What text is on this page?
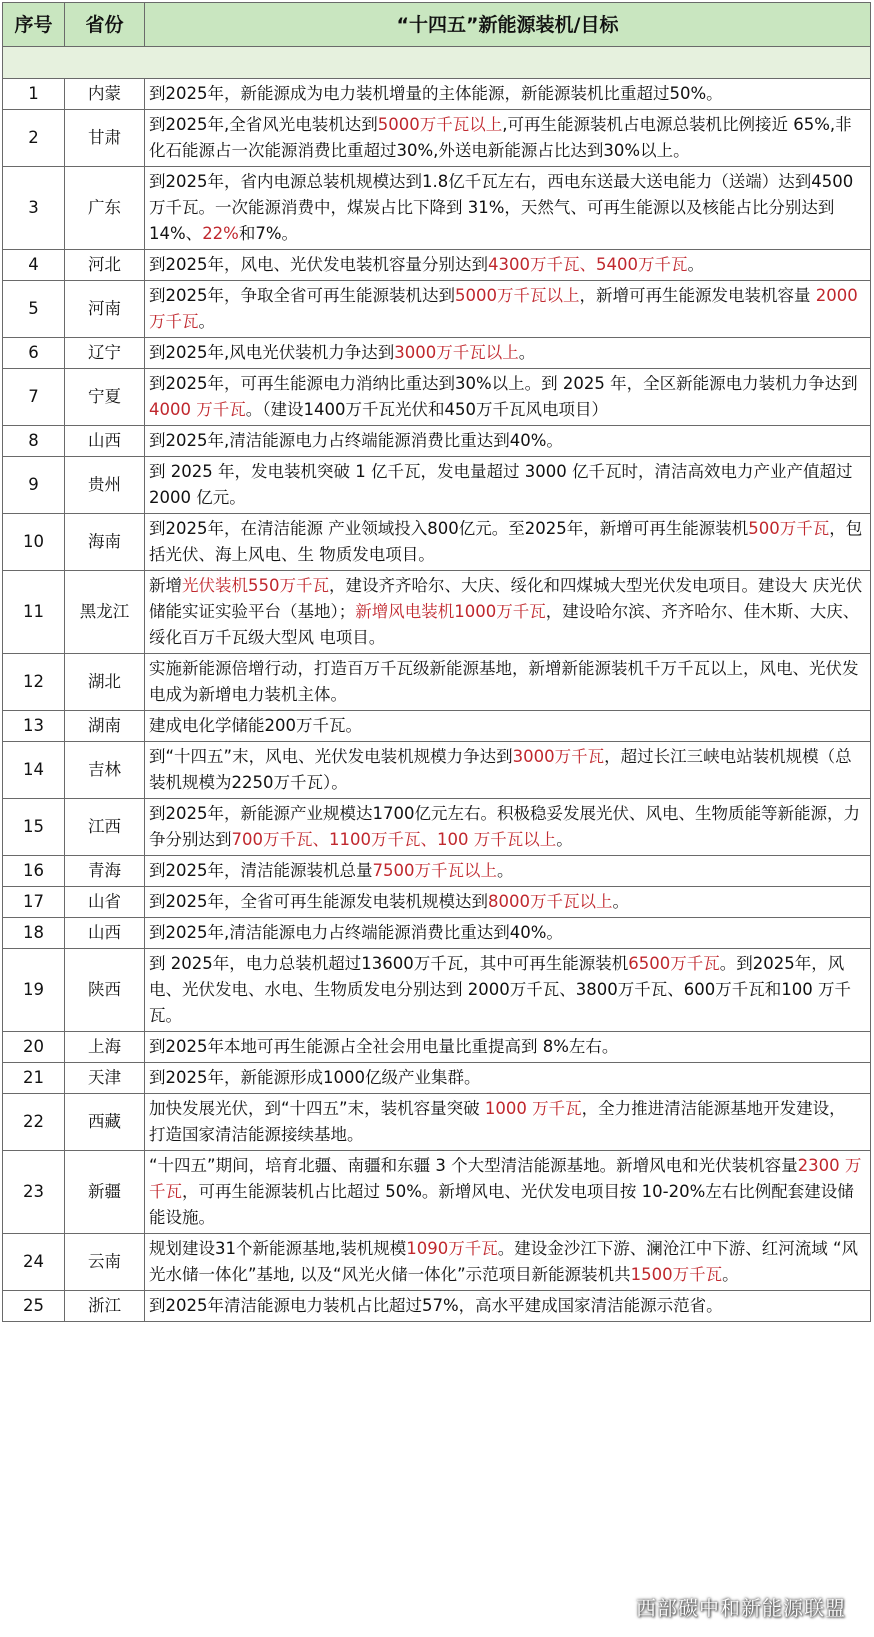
序号	省份	“十四五”新能源装机/目标

1	内蒙	到2025年，新能源成为电力装机增量的主体能源，新能源装机比重超过50%。
2	甘肃	到2025年,全省风光电装机达到5000万千瓦以上,可再生能源装机占电源总装机比例接近 65%,非化石能源占一次能源消费比重超过30%,外送电新能源占比达到30%以上。
3	广东	到2025年，省内电源总装机规模达到1.8亿千瓦左右，西电东送最大送电能力（送端）达到4500万千瓦。一次能源消费中，煤炭占比下降到 31%，天然气、可再生能源以及核能占比分别达到14%、22%和7%。
4	河北	到2025年，风电、光伏发电装机容量分别达到4300万千瓦、5400万千瓦。
5	河南	到2025年，争取全省可再生能源装机达到5000万千瓦以上，新增可再生能源发电装机容量 2000 万千瓦。
6	辽宁	到2025年,风电光伏装机力争达到3000万千瓦以上。
7	宁夏	到2025年，可再生能源电力消纳比重达到30%以上。到 2025 年，全区新能源电力装机力争达到 4000 万千瓦。（建设1400万千瓦光伏和450万千瓦风电项目）
8	山西	到2025年,清洁能源电力占终端能源消费比重达到40%。
9	贵州	到 2025 年，发电装机突破 1 亿千瓦，发电量超过 3000 亿千瓦时，清洁高效电力产业产值超过 2000 亿元。
10	海南	到2025年，在清洁能源 产业领域投入800亿元。至2025年，新增可再生能源装机500万千瓦，包括光伏、海上风电、生 物质发电项目。
11	黑龙江	新增光伏装机550万千瓦，建设齐齐哈尔、大庆、绥化和四煤城大型光伏发电项目。建设大 庆光伏储能实证实验平台（基地）；新增风电装机1000万千瓦，建设哈尔滨、齐齐哈尔、佳木斯、大庆、绥化百万千瓦级大型风 电项目。
12	湖北	实施新能源倍增行动，打造百万千瓦级新能源基地，新增新能源装机千万千瓦以上，风电、光伏发电成为新增电力装机主体。
13	湖南	建成电化学储能200万千瓦。
14	吉林	到“十四五”末，风电、光伏发电装机规模力争达到3000万千瓦，超过长江三峡电站装机规模（总装机规模为2250万千瓦）。
15	江西	到2025年，新能源产业规模达1700亿元左右。积极稳妥发展光伏、风电、生物质能等新能源，力争分别达到700万千瓦、1100万千瓦、100 万千瓦以上。
16	青海	到2025年，清洁能源装机总量7500万千瓦以上。
17	山省	到2025年，全省可再生能源发电装机规模达到8000万千瓦以上。
18	山西	到2025年,清洁能源电力占终端能源消费比重达到40%。
19	陕西	到 2025年，电力总装机超过13600万千瓦，其中可再生能源装机6500万千瓦。到2025年，风电、光伏发电、水电、生物质发电分别达到 2000万千瓦、3800万千瓦、600万千瓦和100 万千瓦。
20	上海	到2025年本地可再生能源占全社会用电量比重提高到 8%左右。
21	天津	到2025年，新能源形成1000亿级产业集群。
22	西藏	加快发展光伏，到“十四五”末，装机容量突破 1000 万千瓦，全力推进清洁能源基地开发建设， 打造国家清洁能源接续基地。
23	新疆	“十四五”期间，培育北疆、南疆和东疆 3 个大型清洁能源基地。新增风电和光伏装机容量2300 万千瓦，可再生能源装机占比超过 50%。新增风电、光伏发电项目按 10-20%左右比例配套建设储能设施。
24	云南	规划建设31个新能源基地,装机规模1090万千瓦。建设金沙江下游、澜沧江中下游、红河流域 “风光水储一体化”基地, 以及“风光火储一体化”示范项目新能源装机共1500万千瓦。
25	浙江	到2025年清洁能源电力装机占比超过57%，高水平建成国家清洁能源示范省。
西部碳中和新能源联盟
